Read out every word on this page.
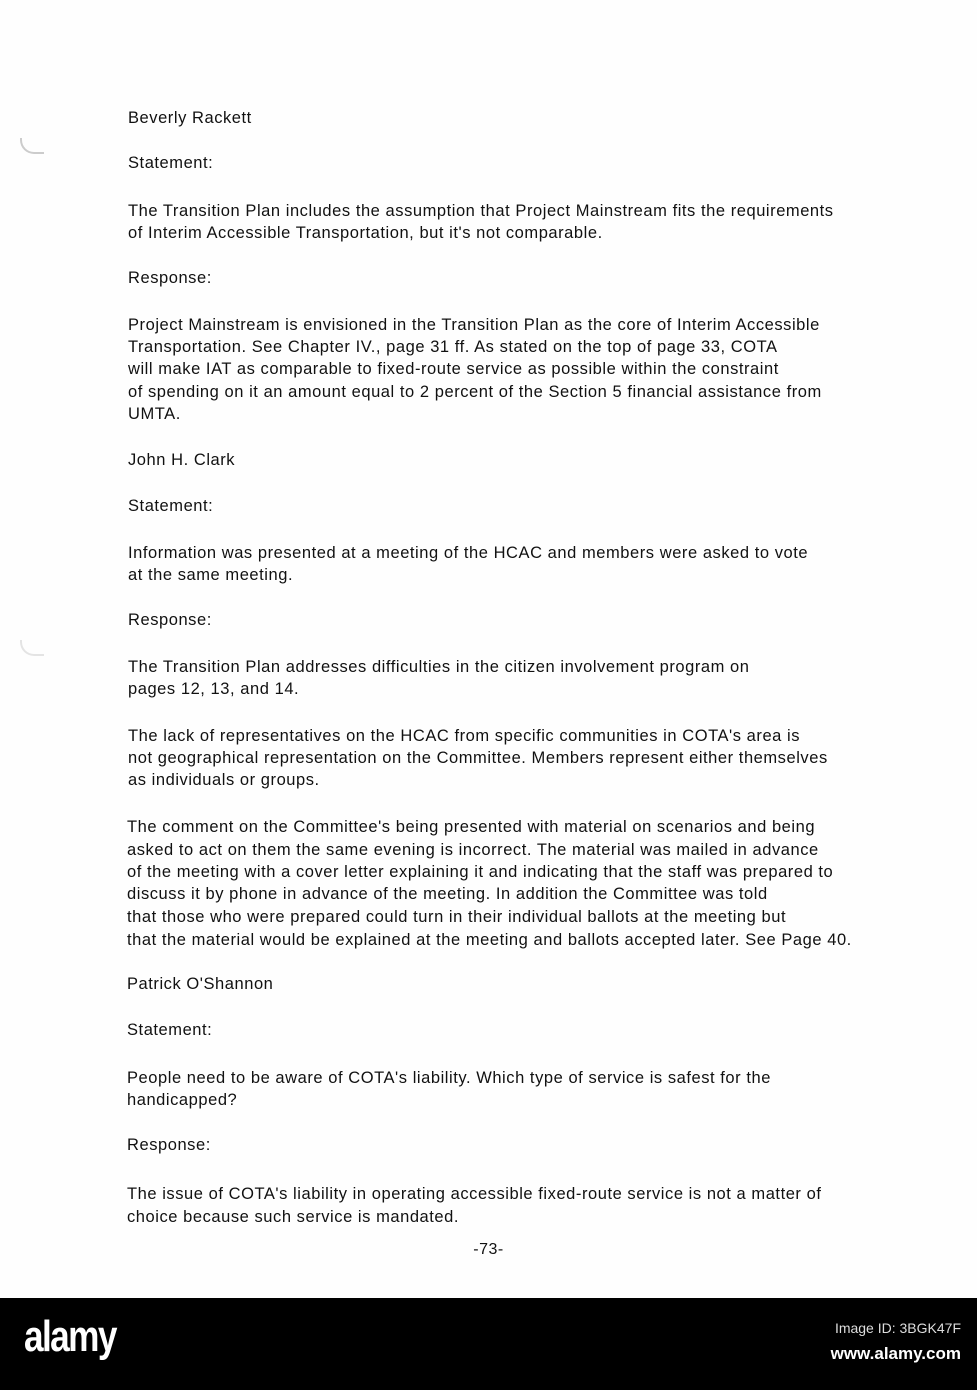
-73-
Beverly Rackett
Statement:
The Transition Plan includes the assumption that Project Mainstream fits the requirements
of Interim Accessible Transportation, but it's not comparable.
Response:
Project Mainstream is envisioned in the Transition Plan as the core of Interim Accessible
Transportation. See Chapter IV., page 31 ff. As stated on the top of page 33, COTA
will make IAT as comparable to fixed-route service as possible within the constraint
of spending on it an amount equal to 2 percent of the Section 5 financial assistance from
UMTA.
John H. Clark
Statement:
Information was presented at a meeting of the HCAC and members were asked to vote
at the same meeting.
Response:
The Transition Plan addresses difficulties in the citizen involvement program on
pages 12, 13, and 14.
The lack of representatives on the HCAC from specific communities in COTA's area is
not geographical representation on the Committee. Members represent either themselves
as individuals or groups.
The comment on the Committee's being presented with material on scenarios and being
asked to act on them the same evening is incorrect. The material was mailed in advance
of the meeting with a cover letter explaining it and indicating that the staff was prepared to
discuss it by phone in advance of the meeting. In addition the Committee was told
that those who were prepared could turn in their individual ballots at the meeting but
that the material would be explained at the meeting and ballots accepted later. See Page 40.
Patrick O'Shannon
Statement:
People need to be aware of COTA's liability. Which type of service is safest for the
handicapped?
Response:
The issue of COTA's liability in operating accessible fixed-route service is not a matter of
choice because such service is mandated.
alamy	Image ID: 3BGK47F
www.alamy.com
